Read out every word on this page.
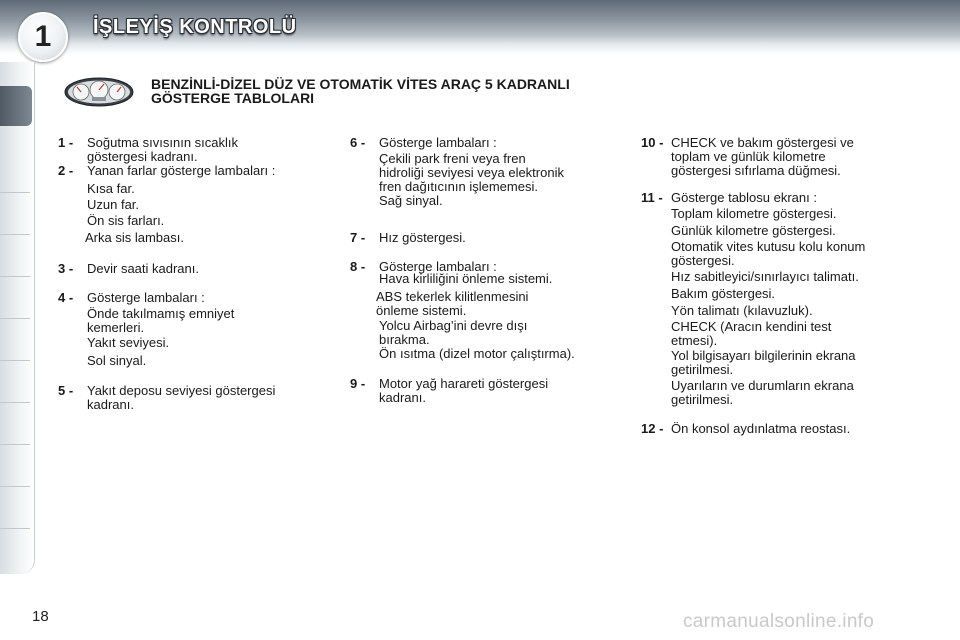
1	İŞLEYİŞ KONTROLÜ
BENZİNLİ-DİZEL DÜZ VE OTOMATİK VİTES ARAÇ 5 KADRANLI
GÖSTERGE TABLOLARI
1 - Soğutma sıvısının sıcaklık
göstergesi kadranı.
2 - Yanan farlar gösterge lambaları :
Kısa far.
Uzun far.
Ön sis farları.
Arka sis lambası.
3 - Devir saati kadranı.
4 - Gösterge lambaları :
Önde takılmamış emniyet
kemerleri.
Yakıt seviyesi.
Sol sinyal.
5 - Yakıt deposu seviyesi göstergesi
kadranı.
6 - Gösterge lambaları :
Çekili park freni veya fren
hidroliği seviyesi veya elektronik
fren dağıtıcının işlememesi.
Sağ sinyal.
7 - Hız göstergesi.
8 - Gösterge lambaları :
Hava kirliliğini önleme sistemi.
ABS tekerlek kilitlenmesini
önleme sistemi.
Yolcu Airbag’ini devre dışı
bırakma.
Ön ısıtma (dizel motor çalıştırma).
9 - Motor yağ harareti göstergesi
kadranı.
10 - CHECK ve bakım göstergesi ve
toplam ve günlük kilometre
göstergesi sıfırlama düğmesi.
11 - Gösterge tablosu ekranı :
Toplam kilometre göstergesi.
Günlük kilometre göstergesi.
Otomatik vites kutusu kolu konum
göstergesi.
Hız sabitleyici/sınırlayıcı talimatı.
Bakım göstergesi.
Yön talimatı (kılavuzluk).
CHECK (Aracın kendini test
etmesi).
Yol bilgisayarı bilgilerinin ekrana
getirilmesi.
Uyarıların ve durumların ekrana
getirilmesi.
12 - Ön konsol aydınlatma reostası.
18	carmanualsonline.info
